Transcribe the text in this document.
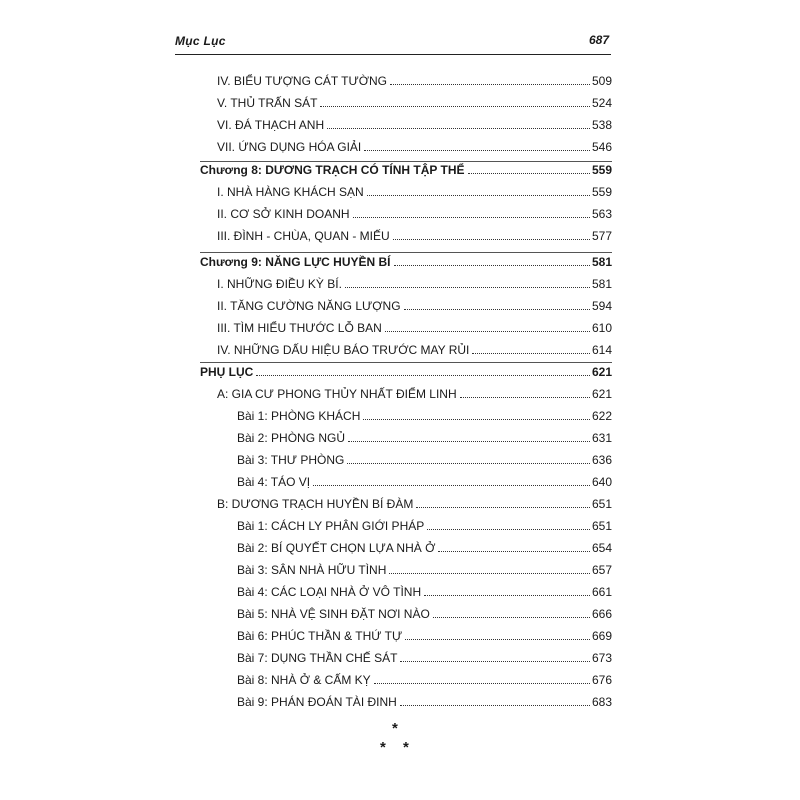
Mục Lục	687
IV. BIỂU TƯỢNG CÁT TƯỜNG	509
V. THỦ TRẤN SÁT	524
VI. ĐÁ THẠCH ANH	538
VII. ỨNG DỤNG HÓA GIẢI	546
Chương 8: DƯƠNG TRẠCH CÓ TÍNH TẬP THỂ	559
I. NHÀ HÀNG KHÁCH SẠN	559
II. CƠ SỞ KINH DOANH	563
III. ĐÌNH - CHÙA, QUAN - MIẾU	577
Chương 9: NĂNG LỰC HUYỀN BÍ	581
I. NHỮNG ĐIỀU KỲ BÍ.	581
II. TĂNG CƯỜNG NĂNG LƯỢNG	594
III. TÌM HIỂU THƯỚC LỖ BAN	610
IV. NHỮNG DẤU HIỆU BÁO TRƯỚC MAY RỦI	614
PHỤ LỤC	621
A: GIA CƯ PHONG THỦY NHẤT ĐIỂM LINH	621
Bài 1: PHÒNG KHÁCH	622
Bài 2: PHÒNG NGỦ	631
Bài 3: THƯ PHÒNG	636
Bài 4: TÁO VỊ	640
B: DƯƠNG TRẠCH HUYỀN BÍ ĐÀM	651
Bài 1: CÁCH LY PHÂN GIỚI PHÁP	651
Bài 2: BÍ QUYẾT CHỌN LỰA NHÀ Ở	654
Bài 3: SÂN NHÀ HỮU TÌNH	657
Bài 4: CÁC LOẠI NHÀ Ở VÔ TÌNH	661
Bài 5: NHÀ VỆ SINH ĐẶT NƠI NÀO	666
Bài 6: PHÚC THẦN & THỨ TỰ	669
Bài 7: DỤNG THẦN CHẾ SÁT	673
Bài 8: NHÀ Ở & CẤM KỴ	676
Bài 9: PHÁN ĐOÁN TÀI ĐINH	683
*
* *
